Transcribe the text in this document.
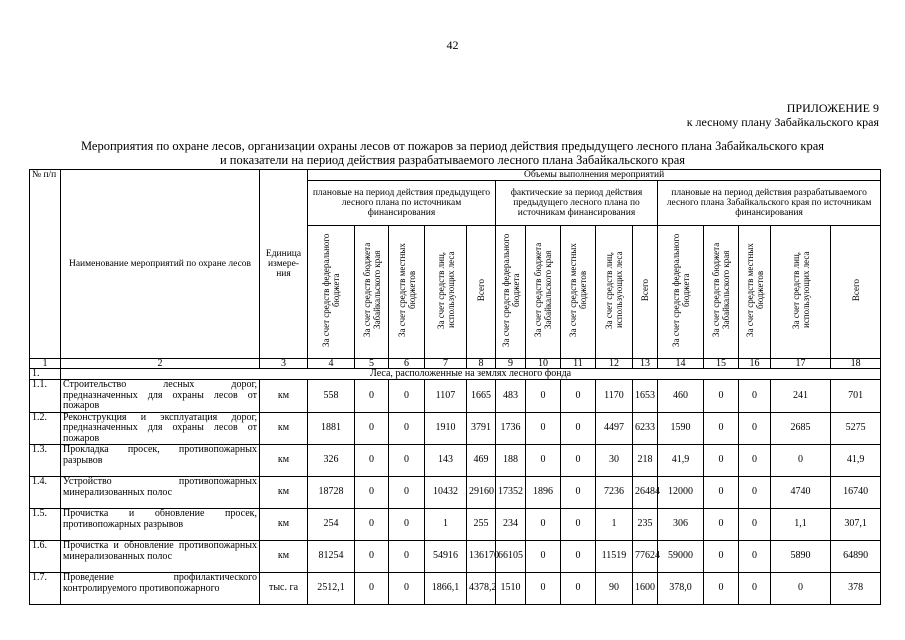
42
ПРИЛОЖЕНИЕ 9
к лесному плану Забайкальского края
Мероприятия по охране лесов, организации охраны лесов от пожаров за период действия предыдущего лесного плана Забайкальского края
и показатели на период действия разрабатываемого лесного плана Забайкальского края
№ п/п	Наименование мероприятий по охране лесов	Единица измере-ния	Объемы выполнения мероприятий														
			плановые на период действия предыдущего лесного плана по источникам финансирования					фактические за период действия предыдущего лесного плана по источникам финансирования					плановые на период действия разрабатываемого лесного плана Забайкальского края по источникам финансирования				
			За счет средств федерального бюджета	За счет средств бюджета Забайкальского края	За счет средств местных бюджетов	За счет средств лиц, использующих леса	Всего	За счет средств федерального бюджета	За счет средств бюджета Забайкальского края	За счет средств местных бюджетов	За счет средств лиц, использующих леса	Всего	За счет средств федерального бюджета	За счет средств бюджета Забайкальского края	За счет средств местных бюджетов	За счет средств лиц, использующих леса	Всего

1	2	3	4	5	6	7	8	9	10	11	12	13	14	15	16	17	18
1.	Леса, расположенные на землях лесного фонда																
1.1.	Строительство лесных дорог, предназначенных для охраны лесов от пожаров	км	558	0	0	1107	1665	483	0	0	1170	1653	460	0	0	241	701
1.2.	Реконструкция и эксплуатация дорог, предназначенных для охраны лесов от пожаров	км	1881	0	0	1910	3791	1736	0	0	4497	6233	1590	0	0	2685	5275
1.3.	Прокладка просек, противопожарных разрывов	км	326	0	0	143	469	188	0	0	30	218	41,9	0	0	0	41,9
1.4.	Устройство противопожарных минерализованных полос	км	18728	0	0	10432	29160	17352	1896	0	7236	26484	12000	0	0	4740	16740
1.5.	Прочистка и обновление просек, противопожарных разрывов	км	254	0	0	1	255	234	0	0	1	235	306	0	0	1,1	307,1
1.6.	Прочистка и обновление противопожарных минерализованных полос	км	81254	0	0	54916	136170	66105	0	0	11519	77624	59000	0	0	5890	64890
1.7.	Проведение профилактического контролируемого противопожарного	тыс. га	2512,1	0	0	1866,1	4378,2	1510	0	0	90	1600	378,0	0	0	0	378
